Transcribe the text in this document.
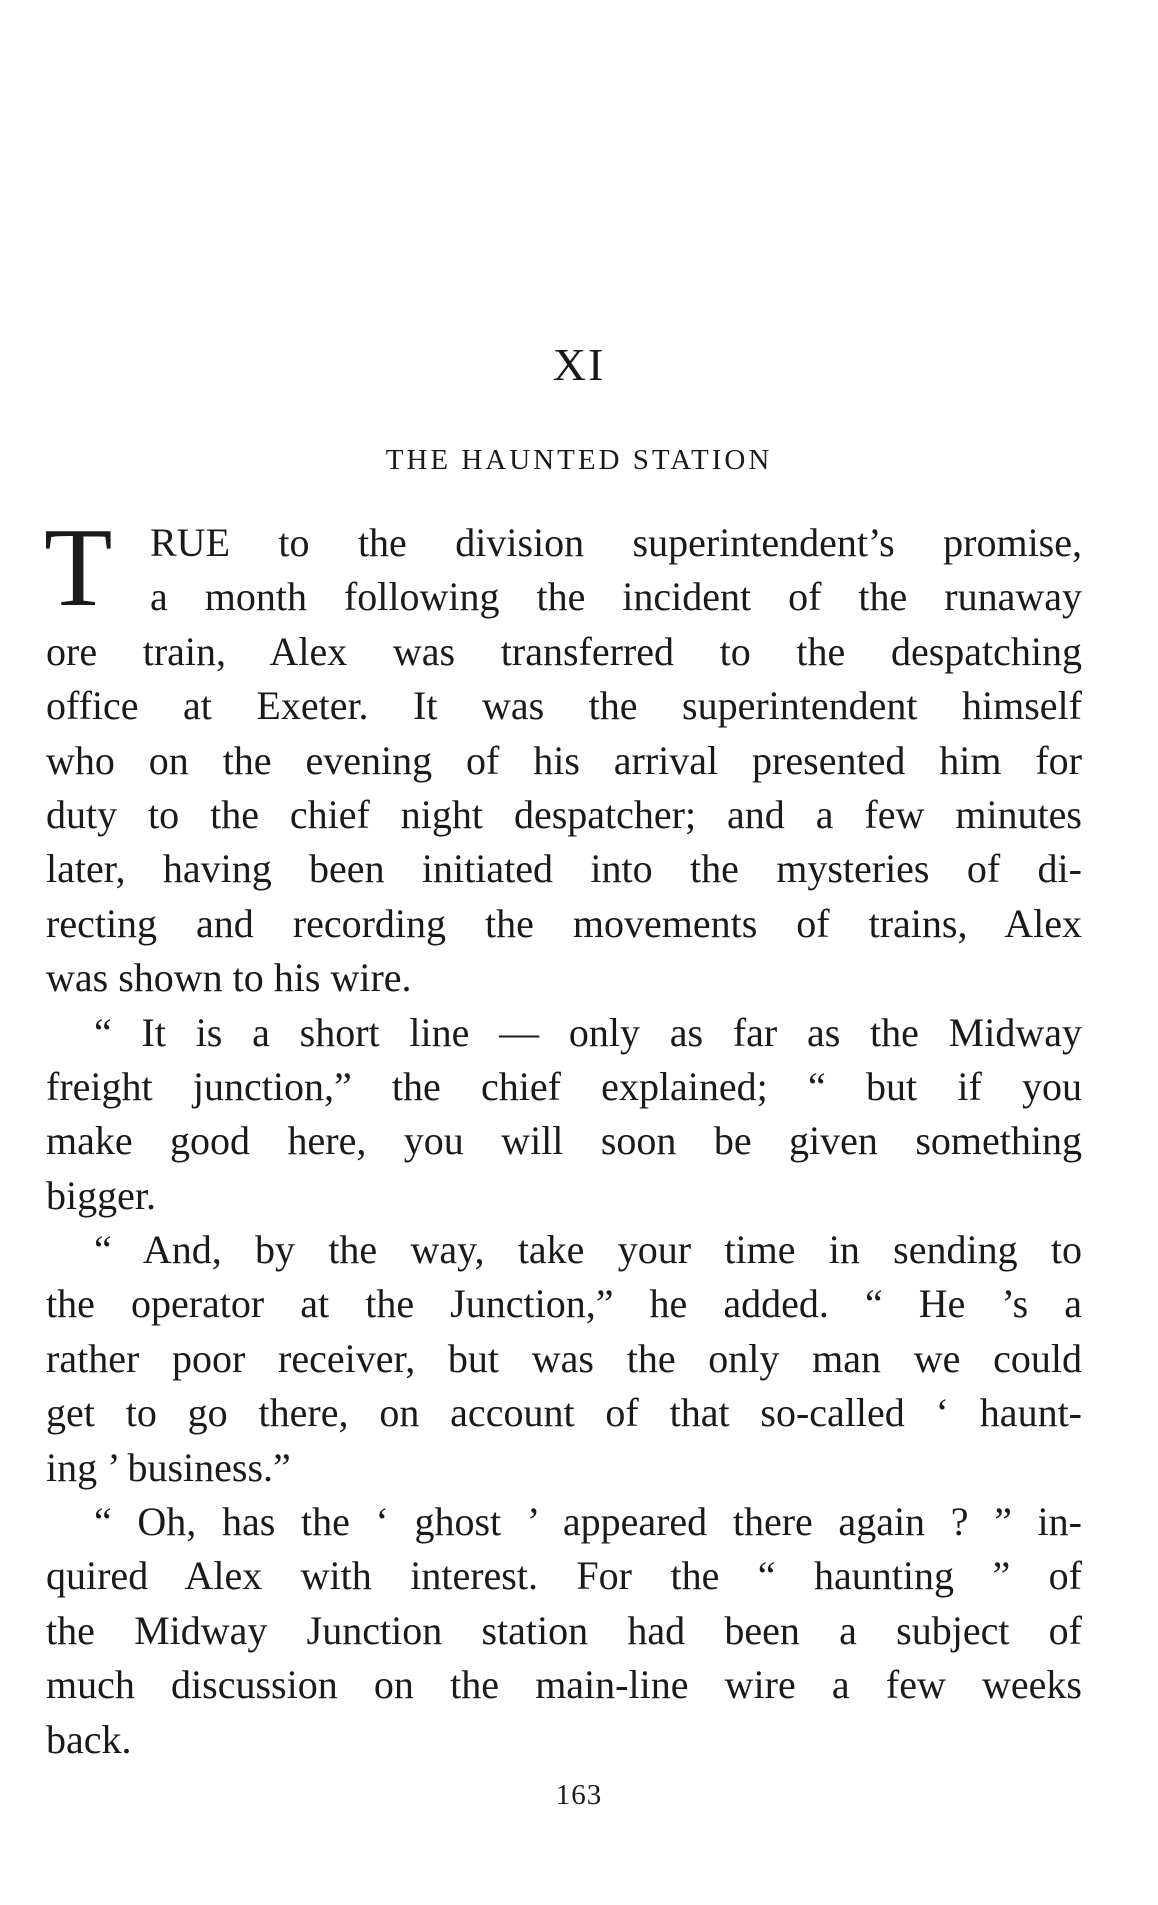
XI
THE HAUNTED STATION
T RUE to the division superintendent’s promise,
a month following the incident of the runaway
ore train, Alex was transferred to the despatching
office at Exeter. It was the superintendent himself
who on the evening of his arrival presented him for
duty to the chief night despatcher; and a few minutes
later, having been initiated into the mysteries of di-
recting and recording the movements of trains, Alex
was shown to his wire.
“ It is a short line — only as far as the Midway
freight junction,” the chief explained; “ but if you
make good here, you will soon be given something
bigger.
“ And, by the way, take your time in sending to
the operator at the Junction,” he added. “ He ’s a
rather poor receiver, but was the only man we could
get to go there, on account of that so-called ‘ haunt-
ing ’ business.”
“ Oh, has the ‘ ghost ’ appeared there again ? ” in-
quired Alex with interest. For the “ haunting ” of
the Midway Junction station had been a subject of
much discussion on the main-line wire a few weeks
back.
163
